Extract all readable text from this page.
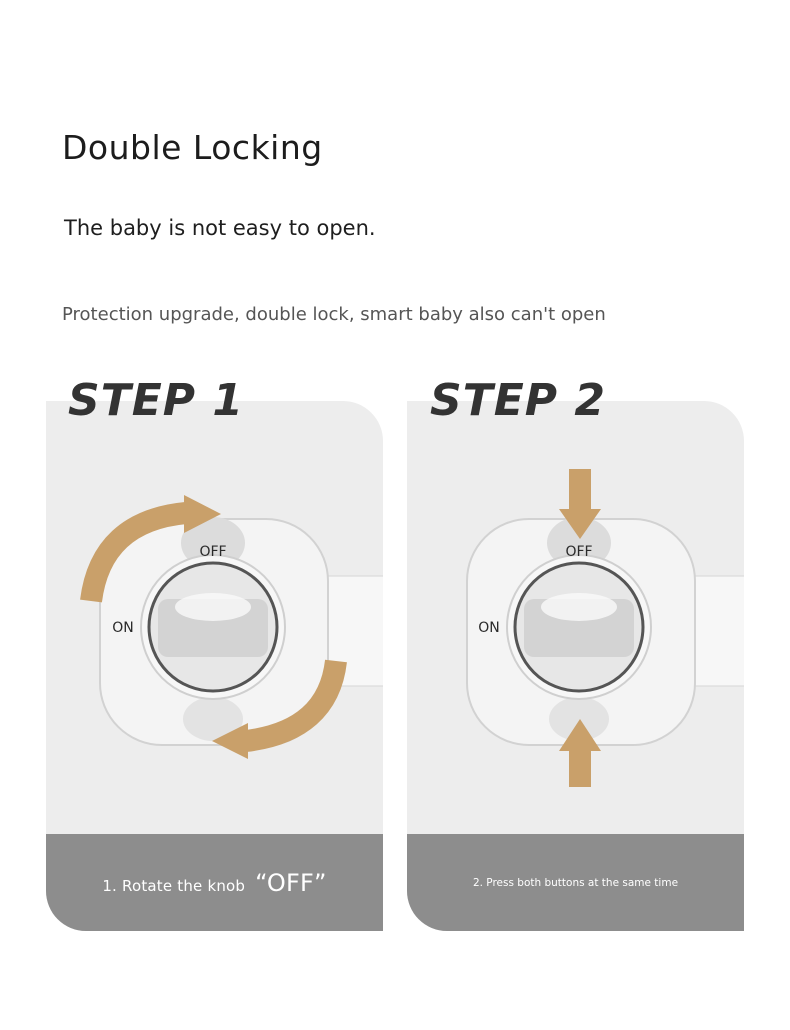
Double Locking
The baby is not easy to open.
Protection upgrade, double lock, smart baby also can't open
OFF
ON
1. Rotate the knob “OFF”
OFF
ON
2. Press both buttons at the same time
STEP 1	STEP 2
